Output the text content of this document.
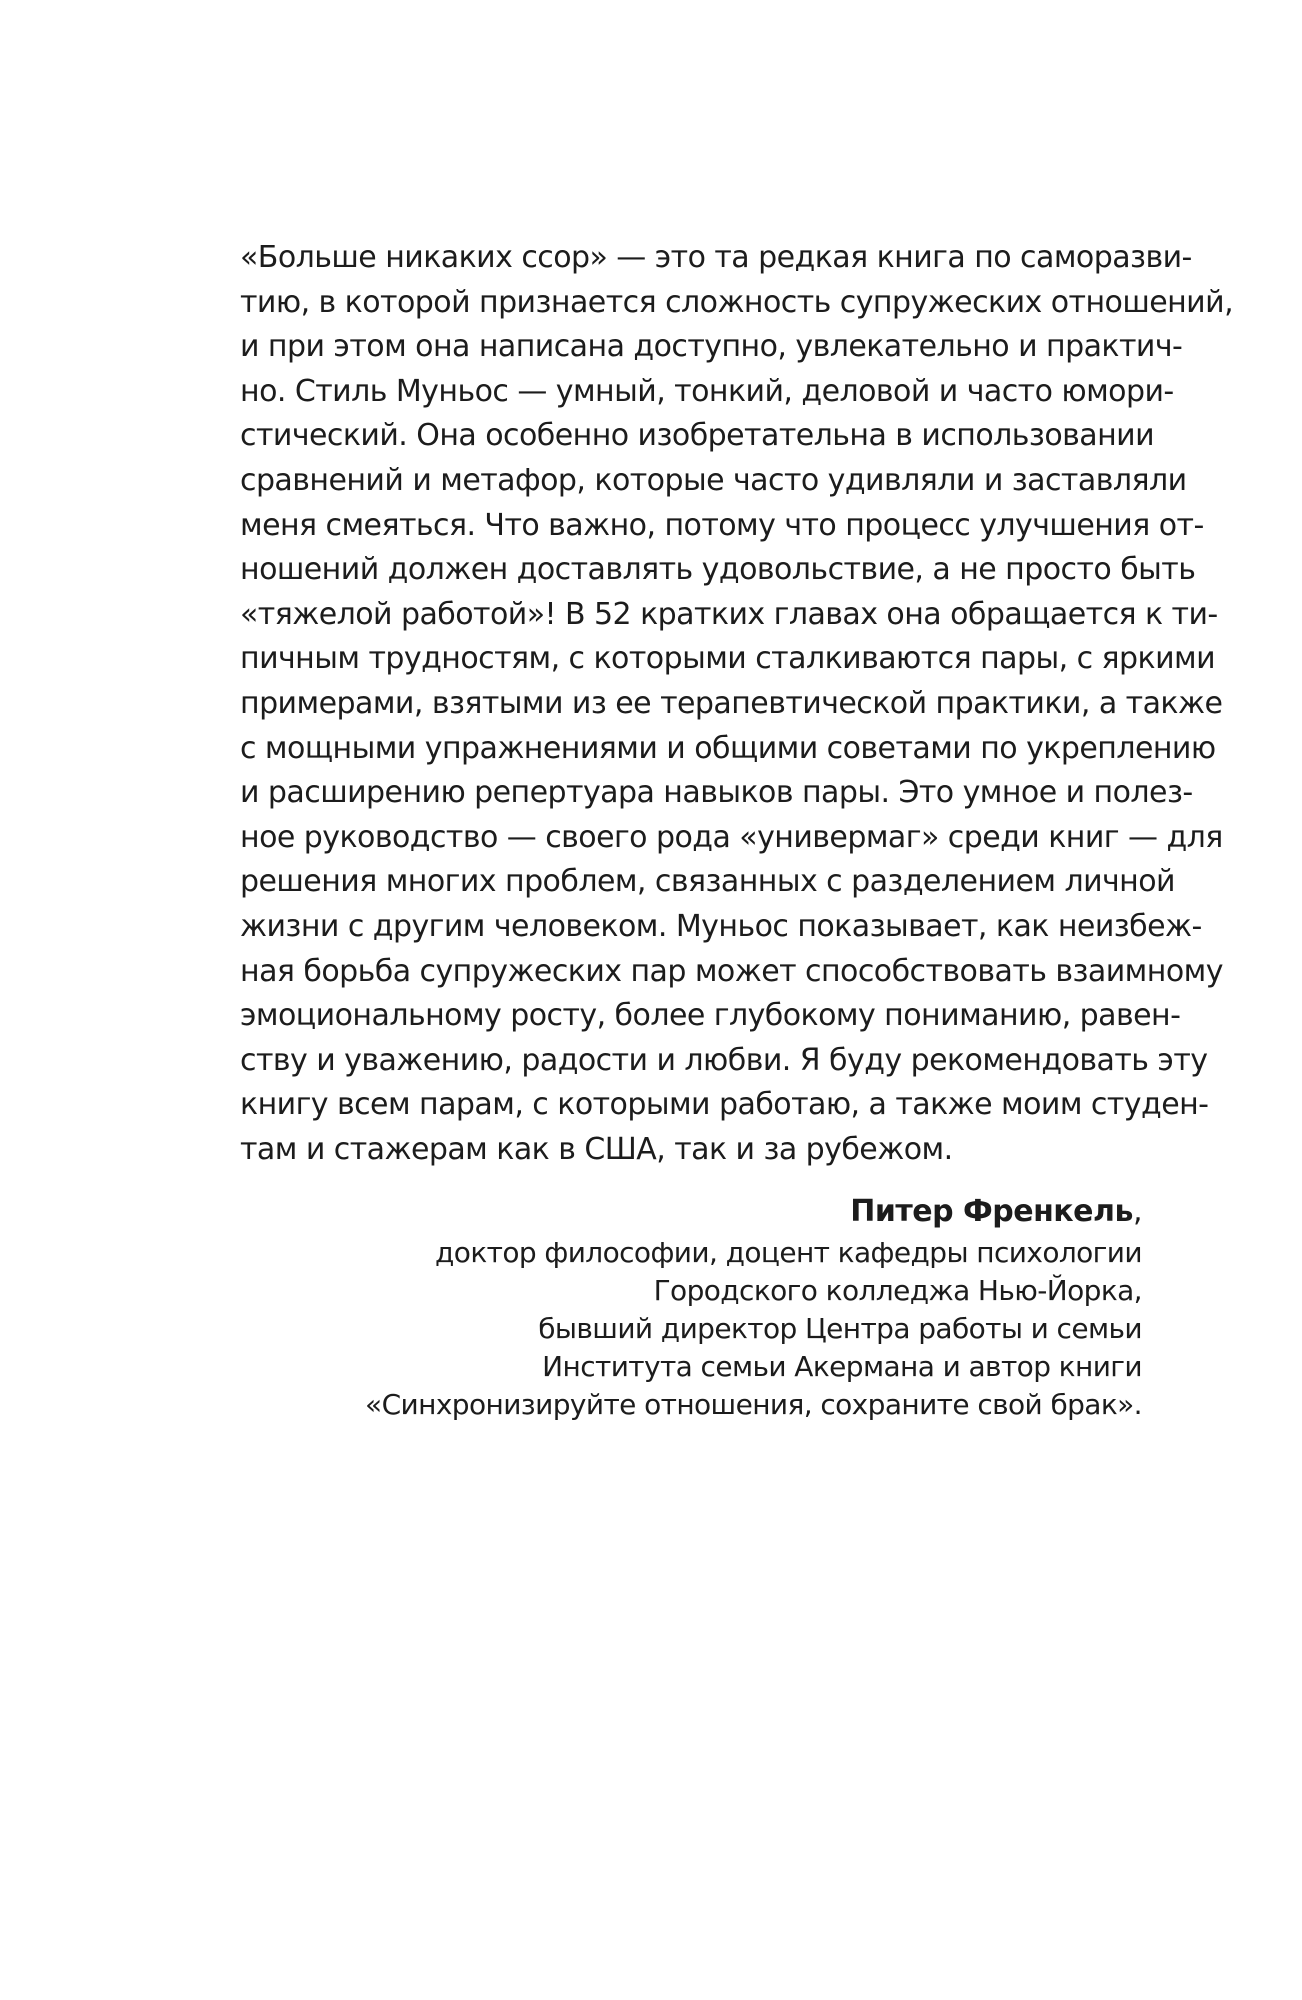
«Больше никаких ссор» — это та редкая книга по саморазви-
тию, в которой признается сложность супружеских отношений,
и при этом она написана доступно, увлекательно и практич-
но. Стиль Муньос — умный, тонкий, деловой и часто юмори-
стический. Она особенно изобретательна в использовании
сравнений и метафор, которые часто удивляли и заставляли
меня смеяться. Что важно, потому что процесс улучшения от-
ношений должен доставлять удовольствие, а не просто быть
«тяжелой работой»! В 52 кратких главах она обращается к ти-
пичным трудностям, с которыми сталкиваются пары, с яркими
примерами, взятыми из ее терапевтической практики, а также
с мощными упражнениями и общими советами по укреплению
и расширению репертуара навыков пары. Это умное и полез-
ное руководство — своего рода «универмаг» среди книг — для
решения многих проблем, связанных с разделением личной
жизни с другим человеком. Муньос показывает, как неизбеж-
ная борьба супружеских пар может способствовать взаимному
эмоциональному росту, более глубокому пониманию, равен-
ству и уважению, радости и любви. Я буду рекомендовать эту
книгу всем парам, с которыми работаю, а также моим студен-
там и стажерам как в США, так и за рубежом.
Питер Френкель,
доктор философии, доцент кафедры психологии
Городского колледжа Нью-Йорка,
бывший директор Центра работы и семьи
Института семьи Акермана и автор книги
«Синхронизируйте отношения, сохраните свой брак».
